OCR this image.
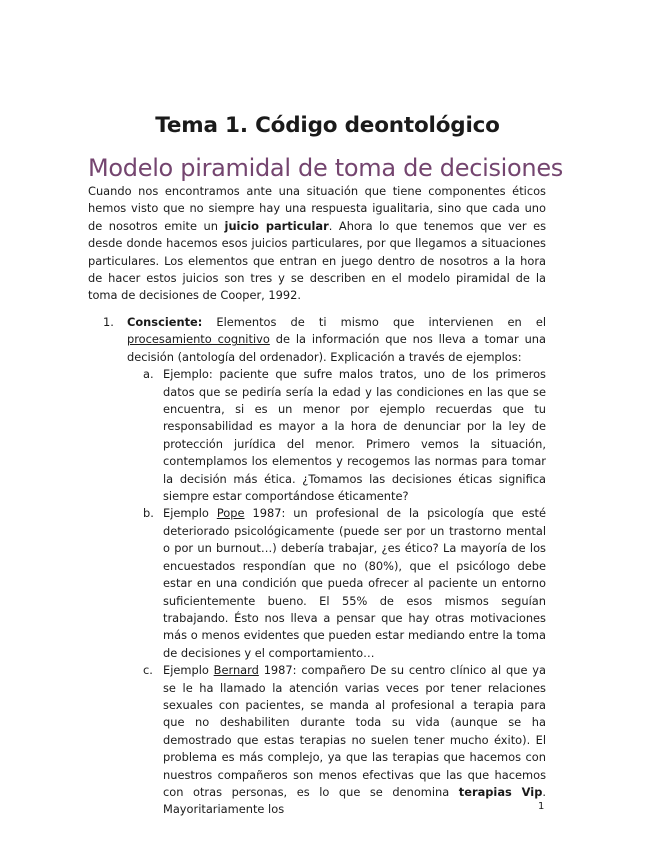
Tema 1. Código deontológico
Modelo piramidal de toma de decisiones

Cuando nos encontramos ante una situación que tiene componentes éticos hemos visto que no siempre hay una respuesta igualitaria, sino que cada uno de nosotros emite un juicio particular. Ahora lo que tenemos que ver es desde donde hacemos esos juicios particulares, por que llegamos a situaciones particulares. Los elementos que entran en juego dentro de nosotros a la hora de hacer estos juicios son tres y se describen en el modelo piramidal de la toma de decisiones de Cooper, 1992.

1. Consciente: Elementos de ti mismo que intervienen en el procesamiento cognitivo de la información que nos lleva a tomar una decisión (antología del ordenador). Explicación a través de ejemplos:
a. Ejemplo: paciente que sufre malos tratos, uno de los primeros datos que se pediría sería la edad y las condiciones en las que se encuentra, si es un menor por ejemplo recuerdas que tu responsabilidad es mayor a la hora de denunciar por la ley de protección jurídica del menor. Primero vemos la situación, contemplamos los elementos y recogemos las normas para tomar la decisión más ética. ¿Tomamos las decisiones éticas significa siempre estar comportándose éticamente?
b. Ejemplo Pope 1987: un profesional de la psicología que esté deteriorado psicológicamente (puede ser por un trastorno mental o por un burnout…) debería trabajar, ¿es ético? La mayoría de los encuestados respondían que no (80%), que el psicólogo debe estar en una condición que pueda ofrecer al paciente un entorno suficientemente bueno. El 55% de esos mismos seguían trabajando. Ésto nos lleva a pensar que hay otras motivaciones más o menos evidentes que pueden estar mediando entre la toma de decisiones y el comportamiento…
c. Ejemplo Bernard 1987: compañero De su centro clínico al que ya se le ha llamado la atención varias veces por tener relaciones sexuales con pacientes, se manda al profesional a terapia para que no deshabiliten durante toda su vida (aunque se ha demostrado que estas terapias no suelen tener mucho éxito). El problema es más complejo, ya que las terapias que hacemos con nuestros compañeros son menos efectivas que las que hacemos con otras personas, es lo que se denomina terapias Vip. Mayoritariamente los	1
